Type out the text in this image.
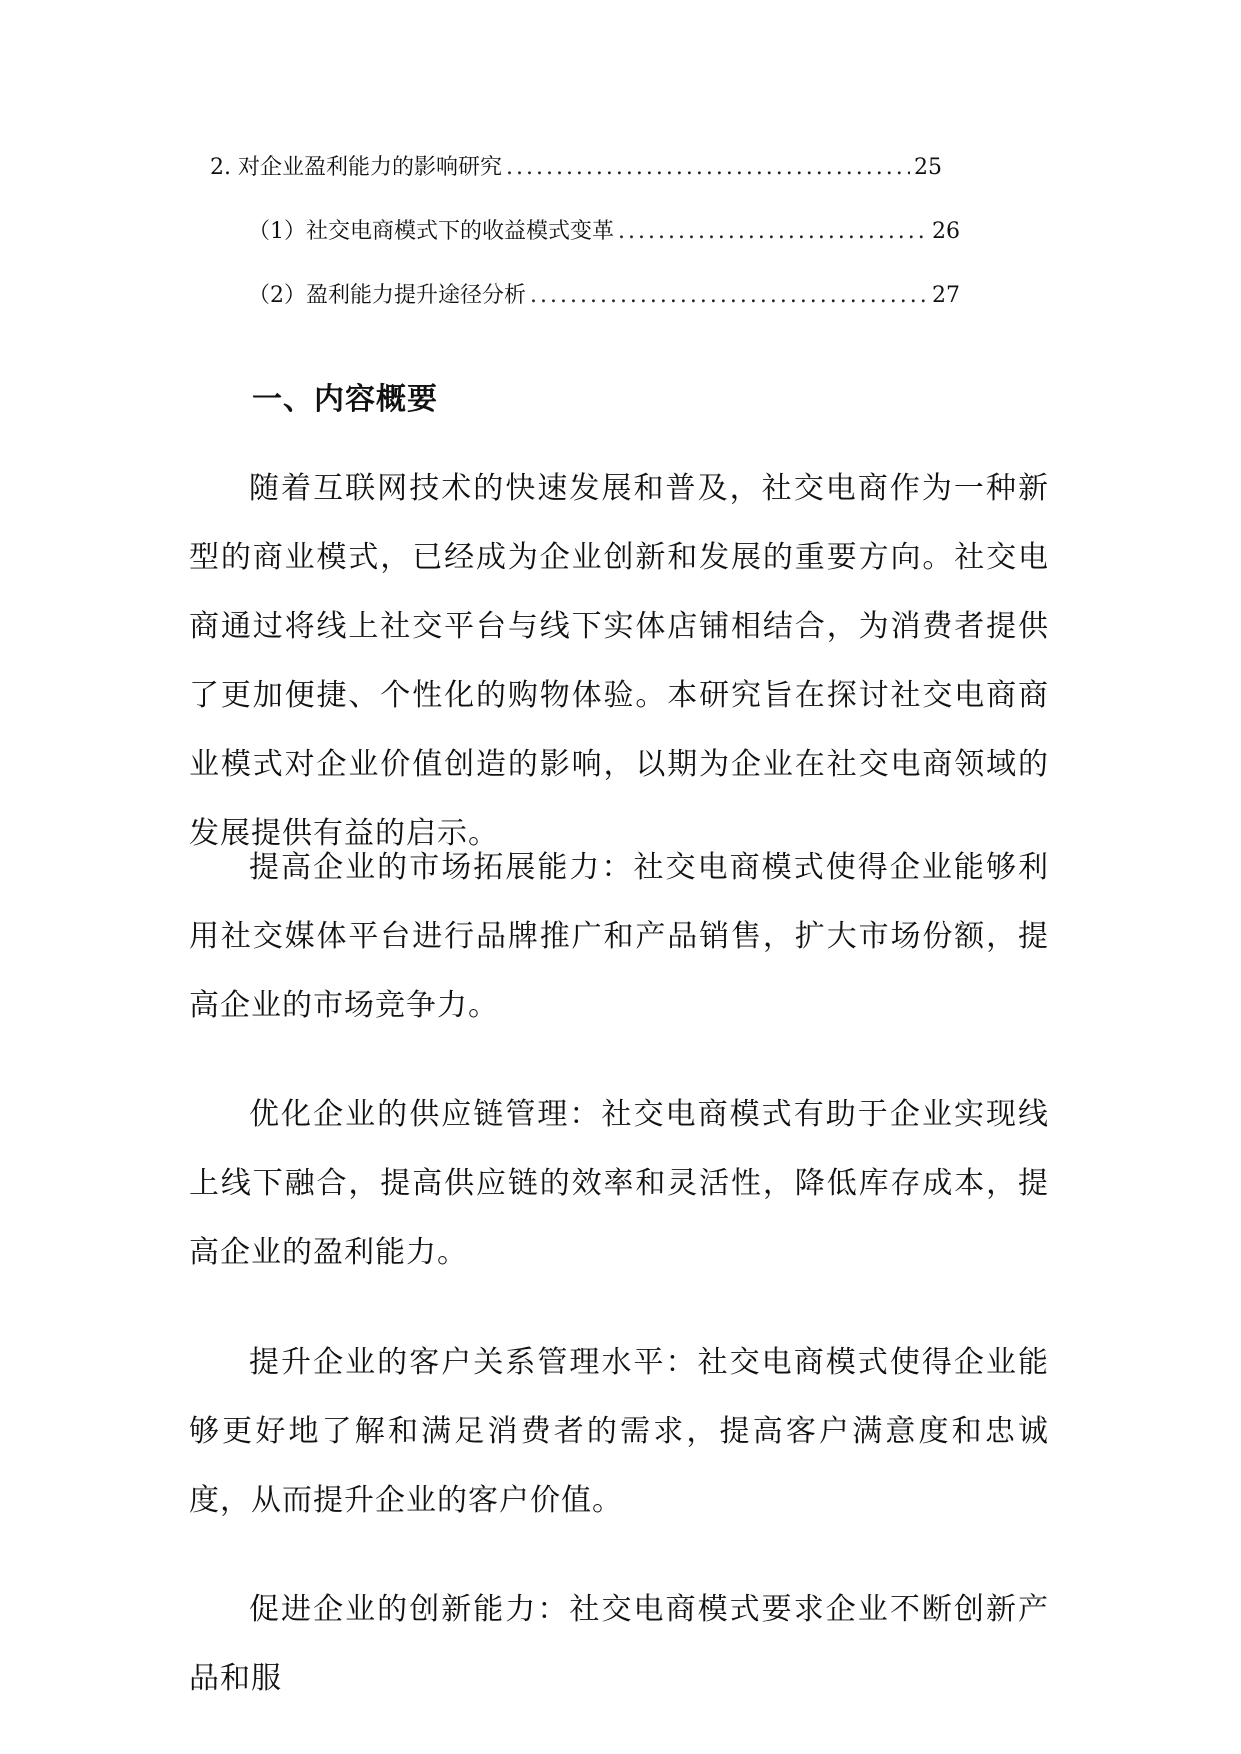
2. 对企业盈利能力的影响研究 .....	25
（1）社交电商模式下的收益模式变革 .....	26
（2）盈利能力提升途径分析 .....	27
一、内容概要

随着互联网技术的快速发展和普及，社交电商作为一种新型的商业模式，已经成为企业创新和发展的重要方向。社交电商通过将线上社交平台与线下实体店铺相结合，为消费者提供了更加便捷、个性化的购物体验。本研究旨在探讨社交电商商业模式对企业价值创造的影响，以期为企业在社交电商领域的发展提供有益的启示。

提高企业的市场拓展能力：社交电商模式使得企业能够利用社交媒体平台进行品牌推广和产品销售，扩大市场份额，提高企业的市场竞争力。

优化企业的供应链管理：社交电商模式有助于企业实现线上线下融合，提高供应链的效率和灵活性，降低库存成本，提高企业的盈利能力。

提升企业的客户关系管理水平：社交电商模式使得企业能够更好地了解和满足消费者的需求，提高客户满意度和忠诚度，从而提升企业的客户价值。

促进企业的创新能力：社交电商模式要求企业不断创新产品和服
